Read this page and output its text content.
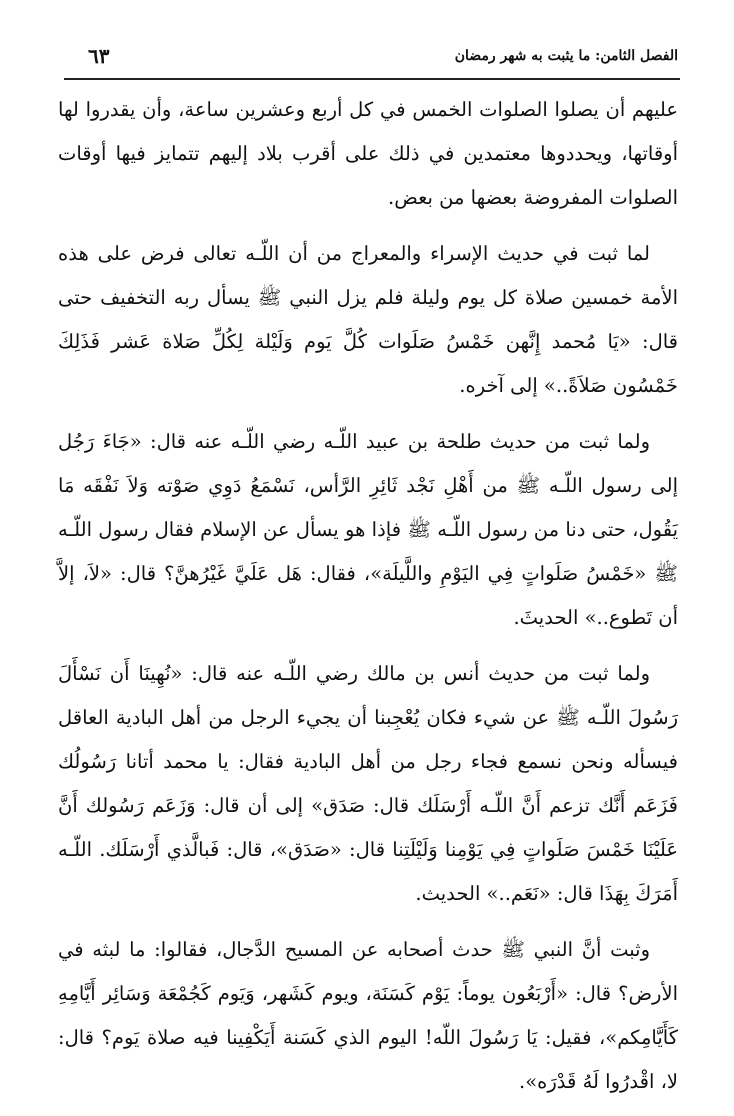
الفصل الثامن: ما يثبت به شهر رمضان
٦٣

عليهم أن يصلوا الصلوات الخمس في كل أربع وعشرين ساعة، وأن يقدروا لها أوقاتها، ويحددوها معتمدين في ذلك على أقرب بلاد إليهم تتمايز فيها أوقات الصلوات المفروضة بعضها من بعض.

لما ثبت في حديث الإسراء والمعراج من أن اللّـه تعالى فرض على هذه الأمة خمسين صلاة كل يوم وليلة فلم يزل النبي ﷺ يسأل ربه التخفيف حتى قال: «يَا مُحمد إِنَّهن خَمْسُ صَلَوات كُلَّ يَوم وَلَيْلة لِكُلِّ صَلاة عَشر فَذَلِكَ خَمْسُون صَلاَةً..» إلى آخره.

ولما ثبت من حديث طلحة بن عبيد اللّـه رضي اللّـه عنه قال: «جَاءَ رَجُل إلى رسول اللّـه ﷺ من أَهْلِ نَجْد ثَائِرِ الرَّأس، نَسْمَعُ دَوِي صَوْته وَلاَ نَفْقَه مَا يَقُول، حتى دنا من رسول اللّـه ﷺ فإذا هو يسأل عن الإسلام فقال رسول اللّـه ﷺ «خَمْسُ صَلَواتٍ فِي اليَوْمِ واللَّيلَة»، فقال: هَل عَلَيَّ غَيْرُهنَّ؟ قال: «لاَ، إلاَّ أن تَطوع..» الحديثَ.

ولما ثبت من حديث أنس بن مالك رضي اللّـه عنه قال: «نُهِينَا أَن نَسْأَلَ رَسُولَ اللّـه ﷺ عن شيء فكان يُعْجِبنا أن يجيء الرجل من أهل البادية العاقل فيسأله ونحن نسمع فجاء رجل من أهل البادية فقال: يا محمد أتانا رَسُولُك فَزَعَم أَنَّك تزعم أَنَّ اللّـه أَرْسَلَك قال: صَدَق» إلى أن قال: وَزَعَم رَسُولك أَنَّ عَلَيْنَا خَمْسَ صَلَواتٍ فِي يَوْمِنا وَلَيْلَتِنا قال: «صَدَق»، قال: فَبالَّذي أَرْسَلَك. اللّـه أَمَرَكَ بِهَذَا قال: «نَعَم..» الحديث.

وثبت أنَّ النبي ﷺ حدث أصحابه عن المسيح الدَّجال، فقالوا: ما لبثه في الأرض؟ قال: «أَرْبَعُون يوماً: يَوْم كَسَنَة، ويوم كَشَهر، وَيَوم كَجُمْعَة وَسَائِر أَيَّامِهِ كَأَيَّامِكم»، فقيل: يَا رَسُولَ اللّه! اليوم الذي كَسَنة أَيَكْفِينا فيه صلاة يَوم؟ قال: لا، اقْدرُوا لَهُ قَدْرَه».
